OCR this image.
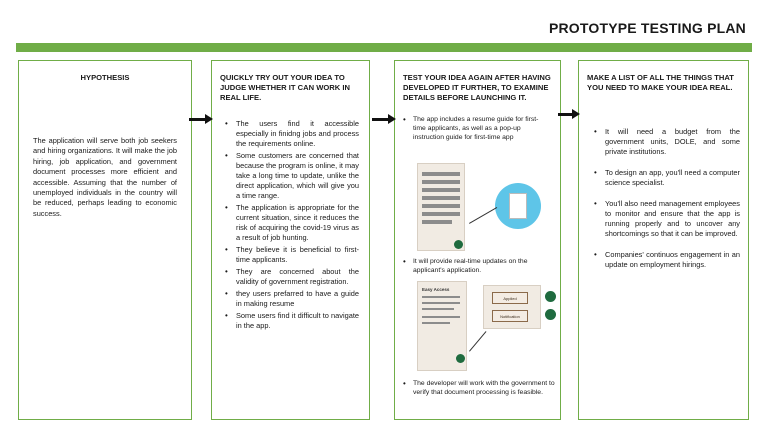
PROTOTYPE TESTING PLAN
HYPOTHESIS
The application will serve both job seekers and hiring organizations. It will make the job hiring, job application, and government document processes more efficient and accessible. Assuming that the number of unemployed individuals in the country will be reduced, perhaps leading to economic success.
QUICKLY TRY OUT YOUR IDEA TO JUDGE WHETHER IT CAN WORK IN REAL LIFE.
• The users find it accessible especially in finidng jobs and process the requirements online.
• Some customers are concerned that because the program is online, it may take a long time to update, unlike the direct application, which will give you a time range.
• The application is appropriate for the current situation, since it reduces the risk of acquiring the covid-19 virus as a result of job hunting.
• They believe it is beneficial to first-time applicants.
• They are concerned about the validity of government registration.
• they users prefarred to have a guide in making resume
• Some users find it difficult to navigate in the app.
TEST YOUR IDEA AGAIN AFTER HAVING DEVELOPED IT FURTHER, TO EXAMINE DETAILS BEFORE LAUNCHING IT.
• The app includes a resume guide for first-time applicants, as well as a pop-up instruction guide for first-time app
• It will provide real-time updates on the applicant's application.
Easy Access
Applied
Notification
• The developer will work with the government to verify that document processing is feasible.
MAKE A LIST OF ALL THE THINGS THAT YOU NEED TO MAKE YOUR IDEA REAL.
• It will need a budget from the government units, DOLE, and some private institutions.
• To design an app, you'll need a computer science specialist.
• You'll also need management employees to monitor and ensure that the app is running properly and to uncover any shortcomings so that it can be improved.
• Companies' continuos engagement in an update on employment hirings.
